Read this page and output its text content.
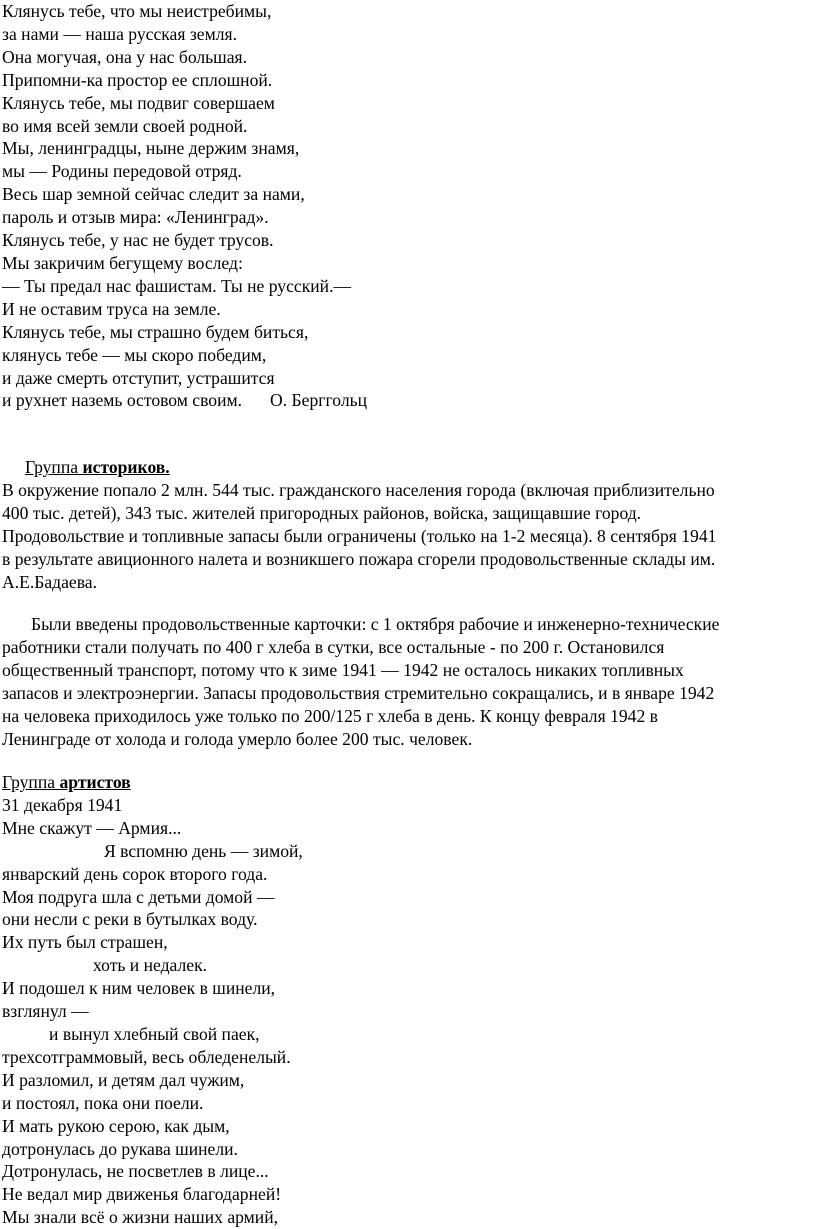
Клянусь тебе, что мы неистребимы,
за нами — наша русская земля.
Она могучая, она у нас большая.
Припомни-ка простор ее сплошной.
Клянусь тебе, мы подвиг совершаем
во имя всей земли своей родной.
Мы, ленинградцы, ныне держим знамя,
мы — Родины передовой отряд.
Весь шар земной сейчас следит за нами,
пароль и отзыв мира: «Ленинград».
Клянусь тебе, у нас не будет трусов.
Мы закричим бегущему вослед:
— Ты предал нас фашистам. Ты не русский.—
И не оставим труса на земле.
Клянусь тебе, мы страшно будем биться,
клянусь тебе — мы скоро победим,
и даже смерть отступит, устрашится
и рухнет наземь остовом своим. О. Берггольц
Группа историков.
В окружение попало 2 млн. 544 тыс. гражданского населения города (включая приблизительно
400 тыс. детей), 343 тыс. жителей пригородных районов, войска, защищавшие город.
Продовольствие и топливные запасы были ограничены (только на 1-2 месяца). 8 сентября 1941
в результате авиционного налета и возникшего пожара сгорели продовольственные склады им.
А.Е.Бадаева.
Были введены продовольственные карточки: с 1 октября рабочие и инженерно-технические
работники стали получать по 400 г хлеба в сутки, все остальные - по 200 г. Остановился
общественный транспорт, потому что к зиме 1941 — 1942 не осталось никаких топливных
запасов и электроэнергии. Запасы продовольствия стремительно сокращались, и в январе 1942
на человека приходилось уже только по 200/125 г хлеба в день. К концу февраля 1942 в
Ленинграде от холода и голода умерло более 200 тыс. человек.
Группа артистов
31 декабря 1941
Мне скажут — Армия...
Я вспомню день — зимой,
январский день сорок второго года.
Моя подруга шла с детьми домой —
они несли с реки в бутылках воду.
Их путь был страшен,
хоть и недалек.
И подошел к ним человек в шинели,
взглянул —
и вынул хлебный свой паек,
трехсотграммовый, весь обледенелый.
И разломил, и детям дал чужим,
и постоял, пока они поели.
И мать рукою серою, как дым,
дотронулась до рукава шинели.
Дотронулась, не посветлев в лице...
Не ведал мир движенья благодарней!
Мы знали всё о жизни наших армий,
